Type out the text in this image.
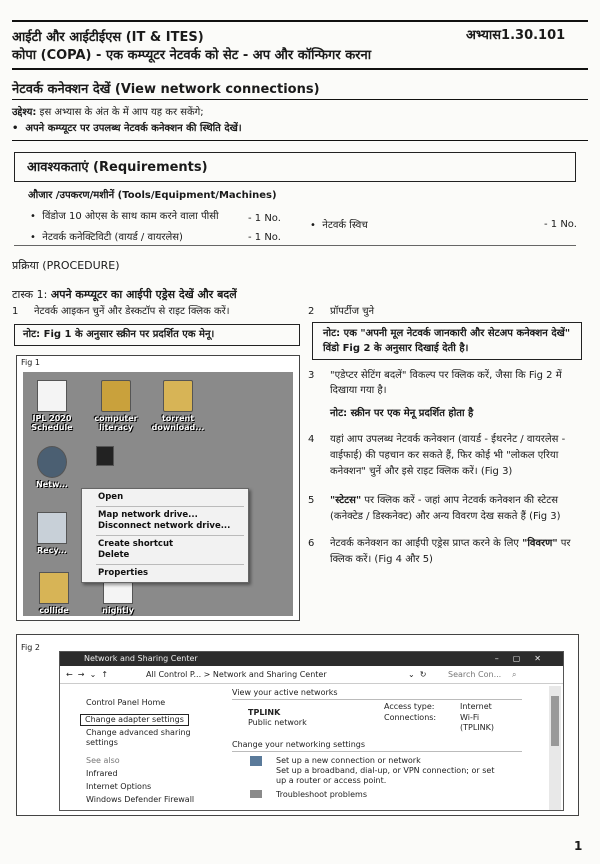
आईटी और आईटीईएस (IT & ITES)	अभ्यास1.30.101
कोपा (COPA) - एक कम्प्यूटर नेटवर्क को सेट - अप और कॉन्फिगर करना
नेटवर्क कनेक्शन देखें (View network connections)
उद्देश्य: इस अभ्यास के अंत के में आप यह कर सकेंगे;
•  अपने कम्प्यूटर पर उपलब्ध नेटवर्क कनेक्शन की स्थिति देखें।
आवश्यकताएं (Requirements)
औजार /उपकरण/मशीनें (Tools/Equipment/Machines)
•  विंडोज 10 ओएस के साथ काम करने वाला पीसी	- 1 No.
•  नेटवर्क कनेक्टिविटी (वायर्ड / वायरलेस)	- 1 No.
•  नेटवर्क स्विच	- 1 No.
प्रक्रिया (PROCEDURE)
टास्क 1: अपने कम्प्यूटर का आईपी एड्रेस देखें और बदलें
1	नेटवर्क आइकन चुनें और डेस्कटॉप से राइट क्लिक करें।
नोट: Fig 1 के अनुसार स्क्रीन पर प्रदर्शित एक मेनू।
2	प्रॉपर्टीज चुने
नोट: एक "अपनी मूल नेटवर्क जानकारी और सेटअप कनेक्शन देखें" विंडो Fig 2 के अनुसार दिखाई देती है।
3	"एडेप्टर सेटिंग बदलें" विकल्प पर क्लिक करें, जैसा कि Fig 2 में दिखाया गया है।
नोट: स्क्रीन पर एक मेनू प्रदर्शित होता है
4	यहां आप उपलब्ध नेटवर्क कनेक्शन (वायर्ड - ईथरनेट / वायरलेस - वाईफाई) की पहचान कर सकते हैं, फिर कोई भी "लोकल एरिया कनेक्शन" चुनें और इसे राइट क्लिक करें। (Fig 3)
5	"स्टेटस" पर क्लिक करें - जहां आप नेटवर्क कनेक्शन की स्टेटस (कनेक्टेड / डिस्कनेक्ट) और अन्य विवरण देख सकते हैं (Fig 3)
6	नेटवर्क कनेक्शन का आईपी एड्रेस प्राप्त करने के लिए "विवरण" पर क्लिक करें। (Fig 4 और 5)
Fig 1
IPL 2020 Schedule
computer literacy
torrent download...
Netw...
Recy...
collide	nightly
Open
Map network drive...
Disconnect network drive...
Create shortcut
Delete
Properties
Fig 2
Network and Sharing Center	–▢✕
←  →  ⌄  ↑	All Control P... > Network and Sharing Center	⌄  ↻	Search Con... ⌕
Control Panel Home
Change adapter settings
Change advanced sharing settings
See also
Infrared
Internet Options
Windows Defender Firewall
View your active networks
TPLINK
Public network
Access type:	Internet
Connections:	Wi-Fi (TPLINK)
Change your networking settings
Set up a new connection or network
Set up a broadband, dial-up, or VPN connection; or set up a router or access point.
Troubleshoot problems
1
